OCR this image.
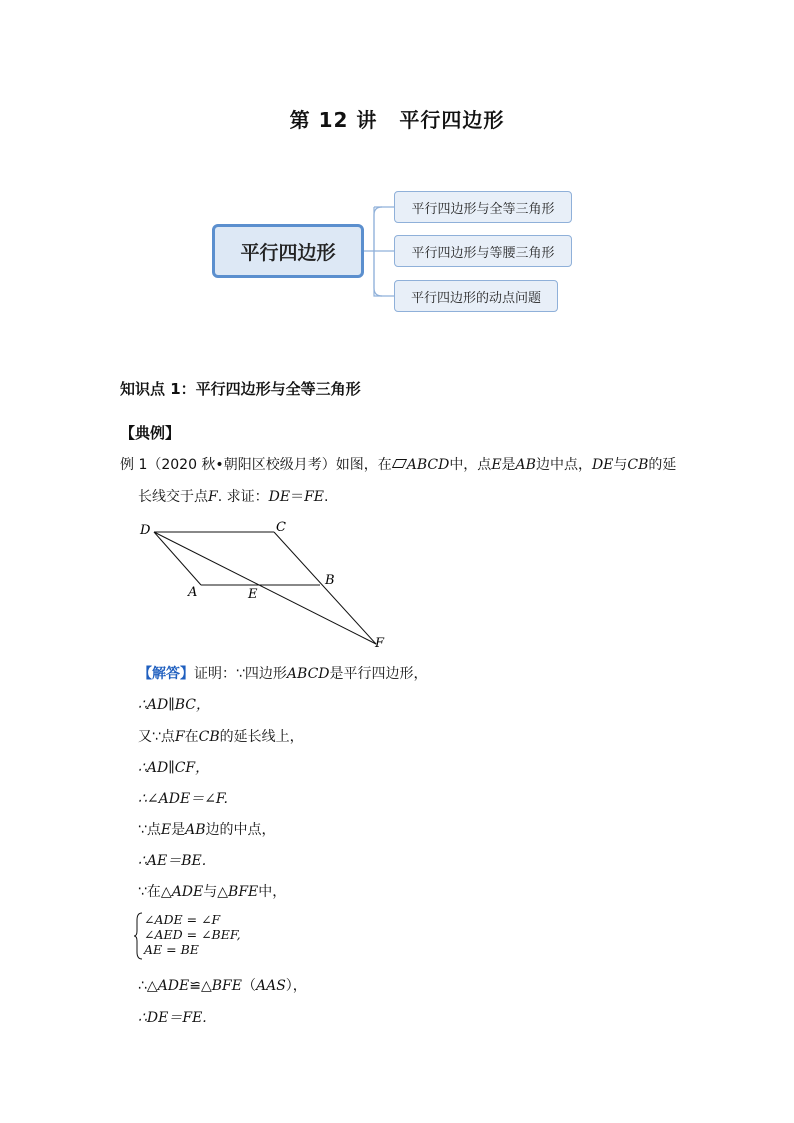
第 12 讲 平行四边形
平行四边形
平行四边形与全等三角形
平行四边形与等腰三角形
平行四边形的动点问题
知识点 1：平行四边形与全等三角形
【典例】
例 1（2020 秋•朝阳区校级月考）如图，在 ABCD中，点E是AB边中点，DE与CB的延
长线交于点F. 求证：DE＝FE.
D	C
A	E
B
F
【解答】证明：∵四边形ABCD是平行四边形，
∴AD∥BC，
又∵点F在CB的延长线上，
∴AD∥CF，
∴∠ADE＝∠F.
∵点E是AB边的中点，
∴AE＝BE.
∵在△ADE与△BFE中，
∠ADE = ∠F
∠AED = ∠BEF,
AE = BE
∴△ADE≌△BFE（AAS），
∴DE＝FE.
